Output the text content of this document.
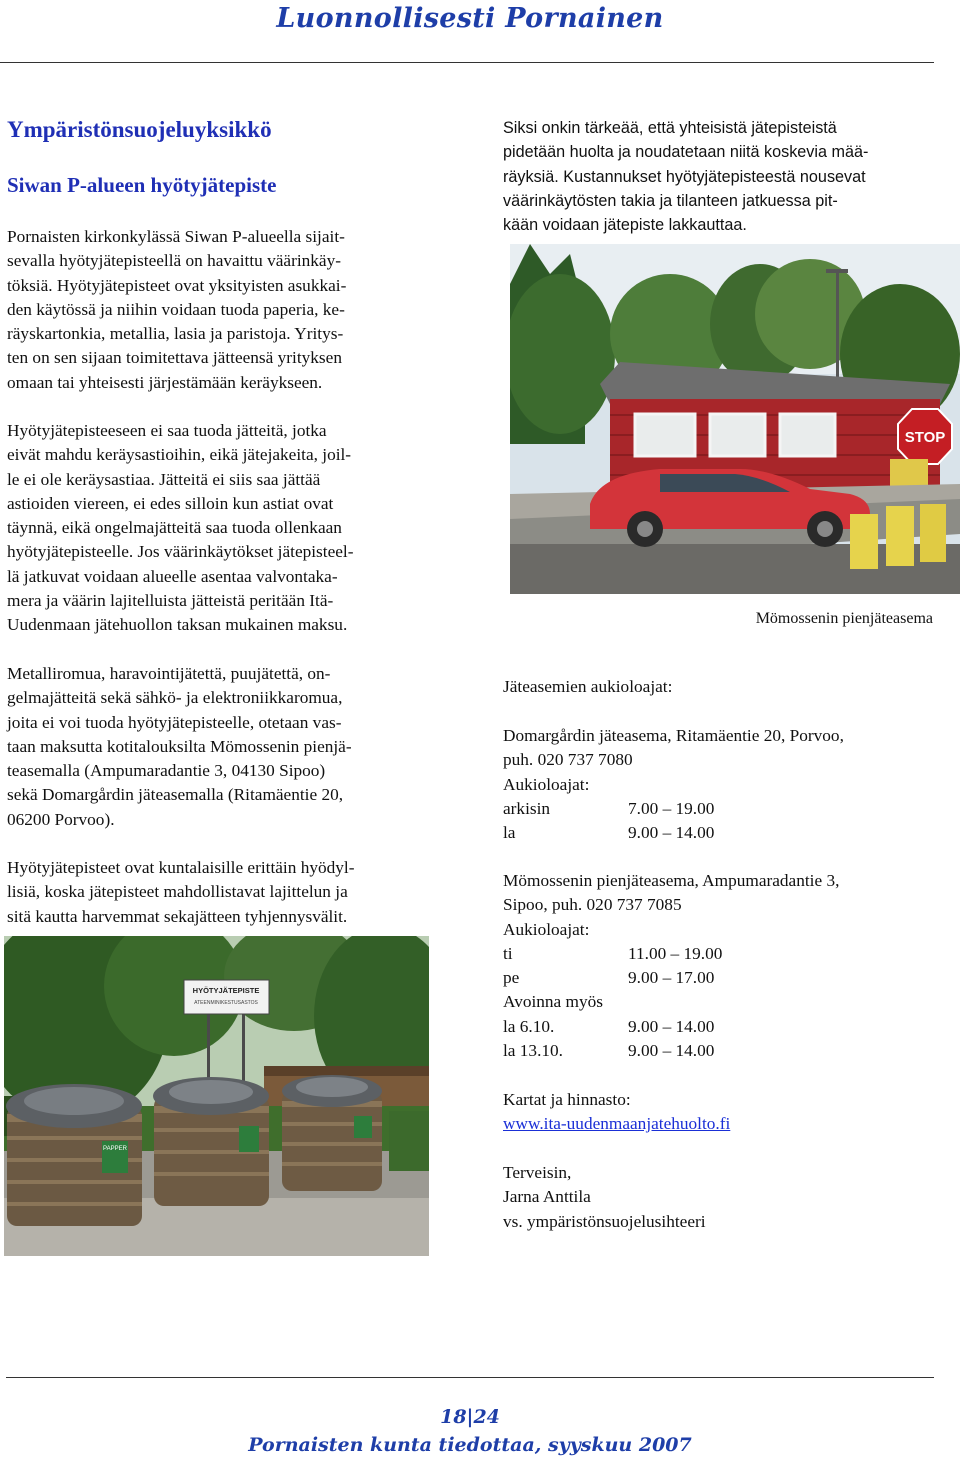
Luonnollisesti Pornainen
Ympäristönsuojeluyksikkö
Siwan P-alueen hyötyjätepiste
Pornaisten kirkonkylässä Siwan P-alueella sijait-
sevalla hyötyjätepisteellä on havaittu väärinkäy-
töksiä. Hyötyjätepisteet ovat yksityisten asukkai-
den käytössä ja niihin voidaan tuoda paperia, ke-
räyskartonkia, metallia, lasia ja paristoja. Yritys-
ten on sen sijaan toimitettava jätteensä yrityksen
omaan tai yhteisesti järjestämään keräykseen.
Hyötyjätepisteeseen ei saa tuoda jätteitä, jotka
eivät mahdu keräysastioihin, eikä jätejakeita, joil-
le ei ole keräysastiaa. Jätteitä ei siis saa jättää
astioiden viereen, ei edes silloin kun astiat ovat
täynnä, eikä ongelmajätteitä saa tuoda ollenkaan
hyötyjätepisteelle. Jos väärinkäytökset jätepisteel-
lä jatkuvat voidaan alueelle asentaa valvontaka-
mera ja väärin lajitelluista jätteistä peritään Itä-
Uudenmaan jätehuollon taksan mukainen maksu.
Metalliromua, haravointijätettä, puujätettä, on-
gelmajätteitä sekä sähkö- ja elektroniikkaromua,
joita ei voi tuoda hyötyjätepisteelle, otetaan vas-
taan maksutta kotitalouksilta Mömossenin pienjä-
teasemalla (Ampumaradantie 3, 04130 Sipoo)
sekä Domargårdin jäteasemalla (Ritamäentie 20,
06200 Porvoo).
Hyötyjätepisteet ovat kuntalaisille erittäin hyödyl-
lisiä, koska jätepisteet mahdollistavat lajittelun ja
sitä kautta harvemmat sekajätteen tyhjennysvälit.
HYÖTYJÄTEPISTE
ATEENMINIKESTUSASTOS
PAPPER
Siksi onkin tärkeää, että yhteisistä jätepisteistä
pidetään huolta ja noudatetaan niitä koskevia mää-
räyksiä. Kustannukset hyötyjätepisteestä nousevat
väärinkäytösten takia ja tilanteen jatkuessa pit-
kään voidaan jätepiste lakkauttaa.
STOP
Mömossenin pienjäteasema
Jäteasemien aukioloajat:
Domargårdin jäteasema, Ritamäentie 20, Porvoo,
puh. 020 737 7080
Aukioloajat:
arkisin	7.00 – 19.00
la	9.00 – 14.00
Mömossenin pienjäteasema, Ampumaradantie 3,
Sipoo, puh. 020 737 7085
Aukioloajat:
ti	11.00 – 19.00
pe	9.00 – 17.00
Avoinna myös
la 6.10.	9.00 – 14.00
la 13.10.	9.00 – 14.00
Kartat ja hinnasto:
www.ita-uudenmaanjatehuolto.fi
Terveisin,
Jarna Anttila
vs. ympäristönsuojelusihteeri
18|24
Pornaisten kunta tiedottaa, syyskuu 2007
